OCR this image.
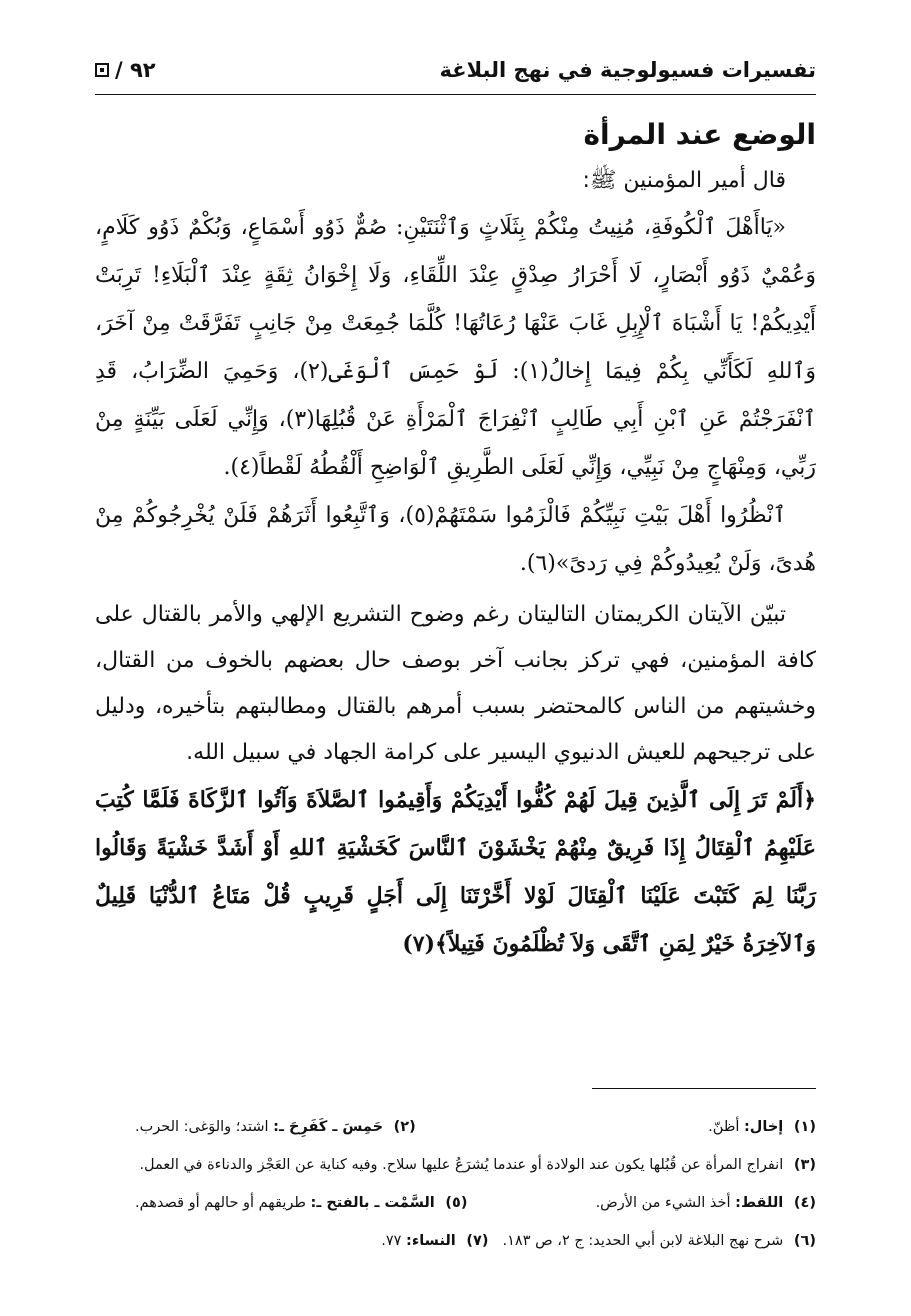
تفسيرات فسيولوجية في نهج البلاغة
٩٢ /
الوضع عند المرأة

قال أمير المؤمنين ﷺ:

«يَاأَهْلَ ٱلْكُوفَةِ، مُنِيتُ مِنْكُمْ بِثَلَاثٍ وَٱثْنَتَيْنِ: صُمٌّ ذَوُو أَسْمَاعٍ، وَبُكْمٌ ذَوُو كَلَامٍ، وَعُمْيٌ ذَوُو أَبْصَارٍ، لَا أَحْرَارُ صِدْقٍ عِنْدَ اللِّقَاءِ، وَلَا إِخْوَانُ ثِقَةٍ عِنْدَ ٱلْبَلَاءِ! تَرِبَتْ أَيْدِيكُمْ! يَا أَشْبَاهَ ٱلْإِبِلِ غَابَ عَنْهَا رُعَاتُهَا! كُلَّمَا جُمِعَتْ مِنْ جَانِبٍ تَفَرَّقَتْ مِنْ آخَرَ، وَٱللهِ لَكَأَنِّي بِكُمْ فِيمَا إِخالُ(١): لَوْ حَمِسَ ٱلْوَغَى(٢)، وَحَمِيَ الضِّرَابُ، قَدِ ٱنْفَرَجْتُمْ عَنِ ٱبْنِ أَبِي طَالِبٍ ٱنْفِرَاجَ ٱلْمَرْأَةِ عَنْ قُبُلِهَا(٣)، وَإِنِّي لَعَلَى بَيِّنَةٍ مِنْ رَبِّي، وَمِنْهَاجٍ مِنْ نَبِيِّي، وَإِنِّي لَعَلَى الطَّرِيقِ ٱلْوَاضِحِ أَلْقُطُهُ لَقْطاً(٤).

ٱنْظُرُوا أَهْلَ بَيْتِ نَبِيِّكُمْ فَالْزَمُوا سَمْتَهُمْ(٥)، وَٱتَّبِعُوا أَثَرَهُمْ فَلَنْ يُخْرِجُوكُمْ مِنْ هُدىً، وَلَنْ يُعِيدُوكُمْ فِي رَدىً»(٦).

تبيّن الآيتان الكريمتان التاليتان رغم وضوح التشريع الإلهي والأمر بالقتال على كافة المؤمنين، فهي تركز بجانب آخر بوصف حال بعضهم بالخوف من القتال، وخشيتهم من الناس كالمحتضر بسبب أمرهم بالقتال ومطالبتهم بتأخيره، ودليل على ترجيحهم للعيش الدنيوي اليسير على كرامة الجهاد في سبيل الله.

﴿أَلَمْ تَرَ إِلَى ٱلَّذِينَ قِيلَ لَهُمْ كُفُّوا أَيْدِيَكُمْ وَأَقِيمُوا ٱلصَّلاَةَ وَآتُوا ٱلزَّكَاةَ فَلَمَّا كُتِبَ عَلَيْهِمُ ٱلْقِتَالُ إِذَا فَرِيقٌ مِنْهُمْ يَخْشَوْنَ ٱلنَّاسَ كَخَشْيَةِ ٱللهِ أَوْ أَشَدَّ خَشْيَةً وَقَالُوا رَبَّنَا لِمَ كَتَبْتَ عَلَيْنَا ٱلْقِتَالَ لَوْلا أَخَّرْتَنَا إِلَى أَجَلٍ قَرِيبٍ قُلْ مَتَاعُ ٱلدُّنْيَا قَلِيلٌ وَٱلآخِرَةُ خَيْرٌ لِمَنِ ٱتَّقَى وَلاَ تُظْلَمُونَ فَتِيلاً﴾(٧)

(١) إخال: أظنّ.
(٢) حَمِسَ ـ كَفَرِحَ ـ: اشتد؛ والوَغى: الحرب.
(٣) انفراج المرأة عن قُبُلها يكون عند الولادة أو عندما يُشرَعُ عليها سلاح. وفيه كناية عن العَجْز والدناءة في العمل.
(٤) اللقط: أخذ الشيء من الأرض.
(٥) السَّمْت ـ بالفتح ـ: طريقهم أو حالهم أو قصدهم.
(٦) شرح نهج البلاغة لابن أبي الحديد: ج ٢، ص ١٨٣.
(٧) النساء: ٧٧.
